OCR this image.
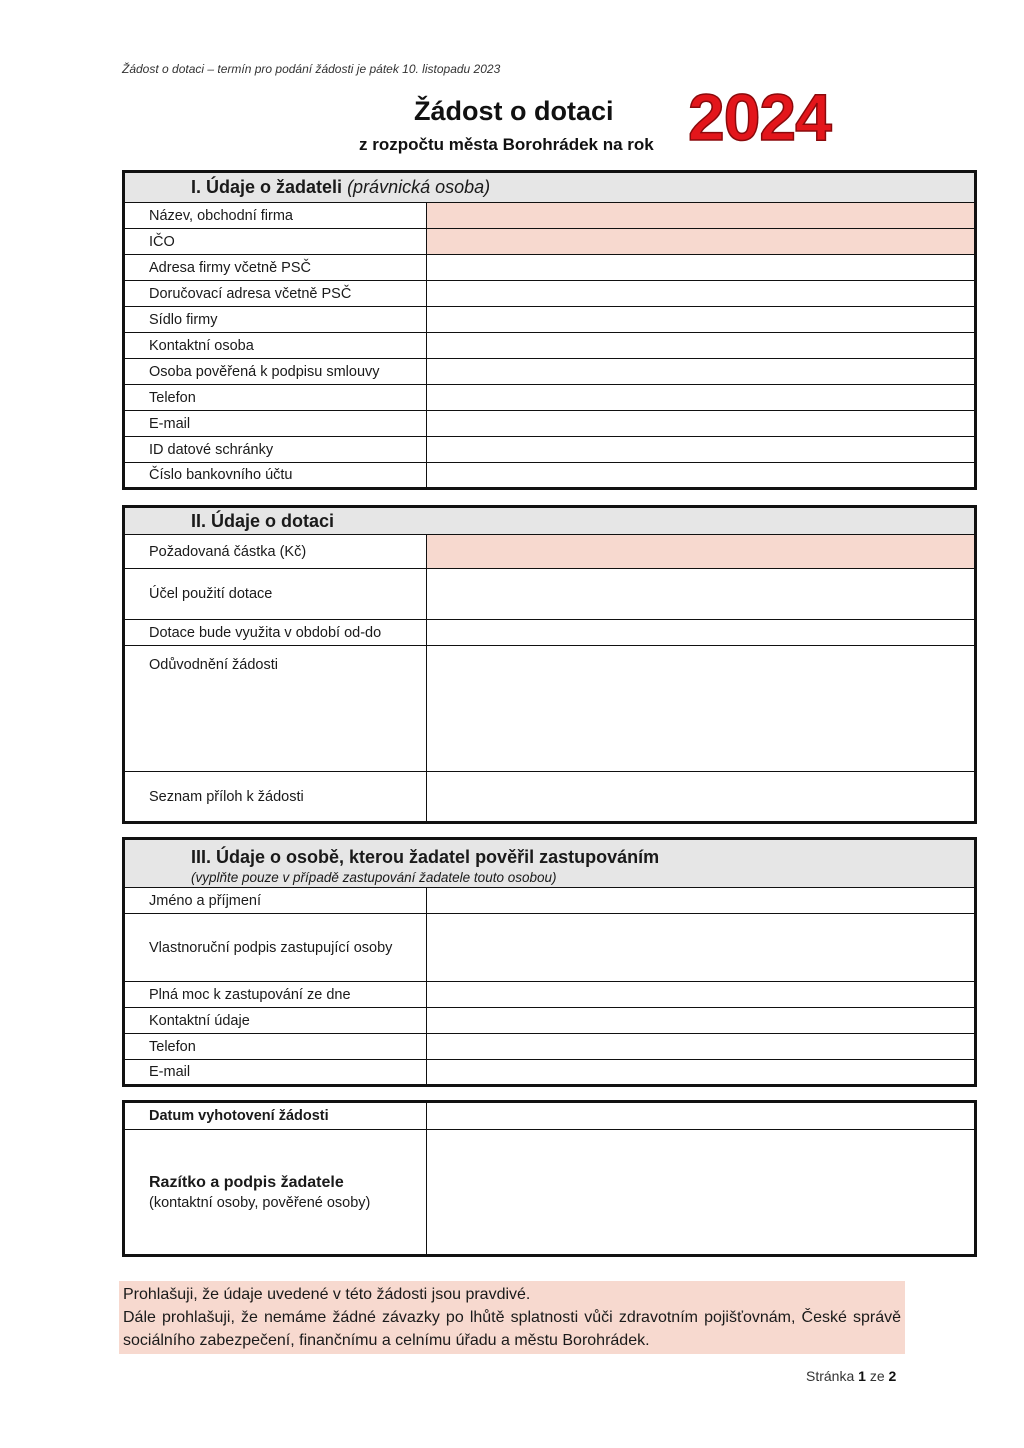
Žádost o dotaci – termín pro podání žádosti je pátek 10. listopadu 2023
Žádost o dotaci
z rozpočtu města Borohrádek na rok 2024
I. Údaje o žadateli (právnická osoba)	
Název, obchodní firma	
IČO	
Adresa firmy včetně PSČ	
Doručovací adresa včetně PSČ	
Sídlo firmy	
Kontaktní osoba	
Osoba pověřená k podpisu smlouvy	
Telefon	
E-mail	
ID datové schránky	
Číslo bankovního účtu	
II. Údaje o dotaci	
Požadovaná částka (Kč)	
Účel použití dotace	
Dotace bude využita v období od-do	
Odůvodnění žádosti	
Seznam příloh k žádosti	
III. Údaje o osobě, kterou žadatel pověřil zastupováním
(vyplňte pouze v případě zastupování žadatele touto osobou)	

Jméno a příjmení	
Vlastnoruční podpis zastupující osoby	
Plná moc k zastupování ze dne	
Kontaktní údaje	
Telefon	
E-mail	
Datum vyhotovení žádosti	

Razítko a podpis žadatele
(kontaktní osoby, pověřené osoby)	

Prohlašuji, že údaje uvedené v této žádosti jsou pravdivé.
Dále prohlašuji, že nemáme žádné závazky po lhůtě splatnosti vůči zdravotním pojišťovnám, České správě sociálního zabezpečení, finančnímu a celnímu úřadu a městu Borohrádek.
Stránka 1 ze 2
